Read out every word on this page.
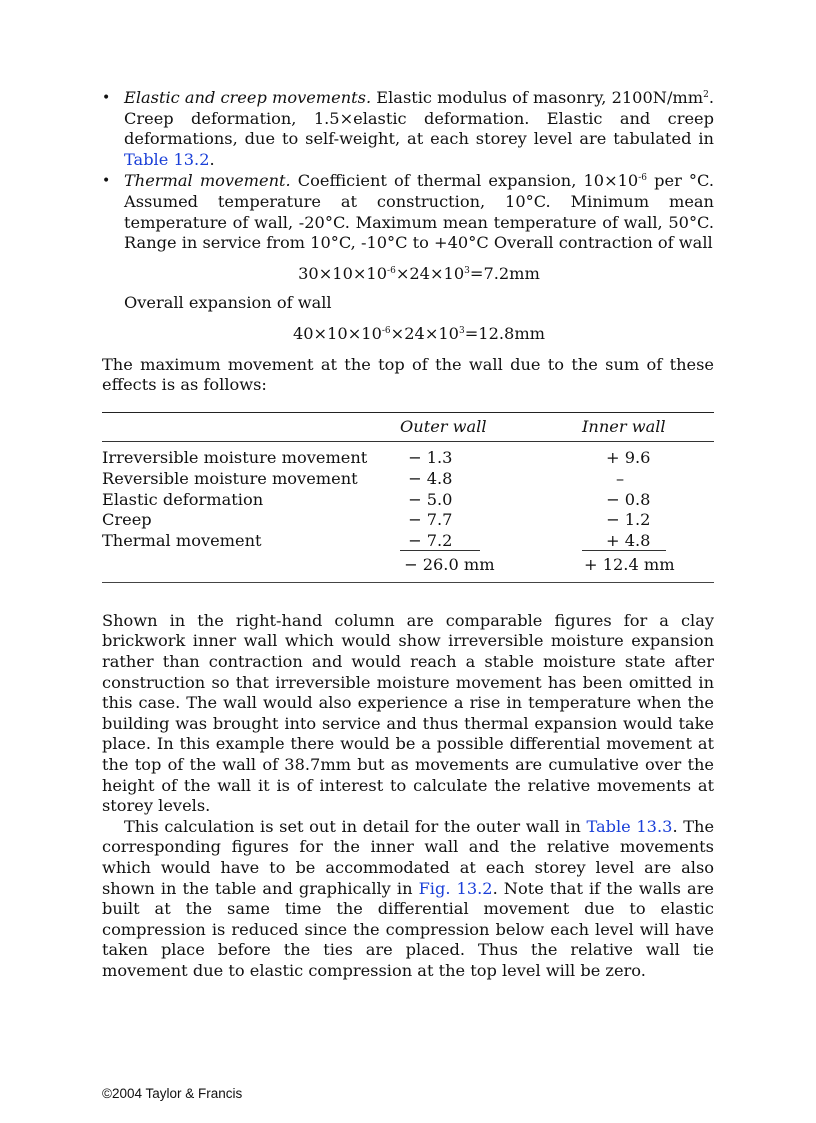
• Elastic and creep movements. Elastic modulus of masonry, $2100N/mm^2$. Creep deformation, 1.5×elastic deformation. Elastic and creep deformations, due to self-weight, at each storey level are tabulated in Table 13.2.
• Thermal movement. Coefficient of thermal expansion, $10\times 10^{-6}$ per °C. Assumed temperature at construction, 10°C. Minimum mean temperature of wall, -20°C. Maximum mean temperature of wall, 50°C. Range in service from 10°C, -10°C to +40°C Overall contraction of wall
$30\times 10\times 10^{-6}\times 24\times 10^3=7.2mm$
Overall expansion of wall
$40\times 10\times 10^{-6}\times 24\times 10^3=12.8mm$

The maximum movement at the top of the wall due to the sum of these effects is as follows:

	Outer wall	Inner wall
Irreversible moisture movement	− 1.3	+ 9.6
Reversible moisture movement	− 4.8	–
Elastic deformation	− 5.0	− 0.8
Creep	− 7.7	− 1.2
Thermal movement	− 7.2	+ 4.8
	− 26.0 mm	+ 12.4 mm

Shown in the right-hand column are comparable figures for a clay brickwork inner wall which would show irreversible moisture expansion rather than contraction and would reach a stable moisture state after construction so that irreversible moisture movement has been omitted in this case. The wall would also experience a rise in temperature when the building was brought into service and thus thermal expansion would take place. In this example there would be a possible differential movement at the top of the wall of 38.7mm but as movements are cumulative over the height of the wall it is of interest to calculate the relative movements at storey levels.

This calculation is set out in detail for the outer wall in Table 13.3. The corresponding figures for the inner wall and the relative movements which would have to be accommodated at each storey level are also shown in the table and graphically in Fig. 13.2. Note that if the walls are built at the same time the differential movement due to elastic compression is reduced since the compression below each level will have taken place before the ties are placed. Thus the relative wall tie movement due to elastic compression at the top level will be zero.

©2004 Taylor & Francis
